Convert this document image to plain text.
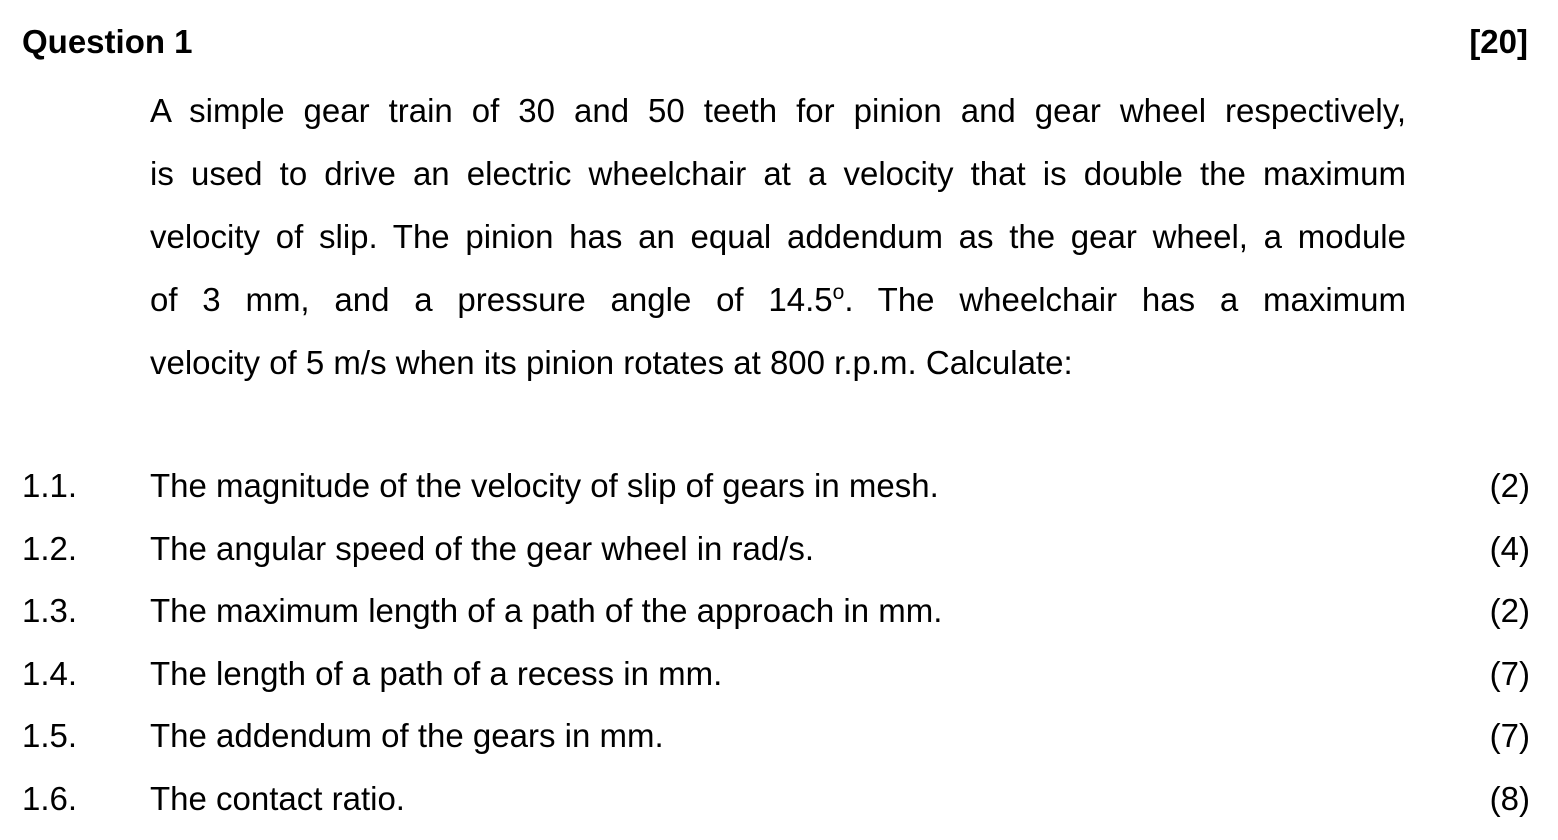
Question 1	[20]
A simple gear train of 30 and 50 teeth for pinion and gear wheel respectively,
is used to drive an electric wheelchair at a velocity that is double the maximum
velocity of slip. The pinion has an equal addendum as the gear wheel, a module
of 3 mm, and a pressure angle of 14.5$^o$. The wheelchair has a maximum
velocity of 5 m/s when its pinion rotates at 800 r.p.m. Calculate:
1.1. The magnitude of the velocity of slip of gears in mesh.	(2)
1.2. The angular speed of the gear wheel in rad/s.	(4)
1.3. The maximum length of a path of the approach in mm.	(2)
1.4. The length of a path of a recess in mm.	(7)
1.5. The addendum of the gears in mm.	(7)
1.6. The contact ratio.	(8)
